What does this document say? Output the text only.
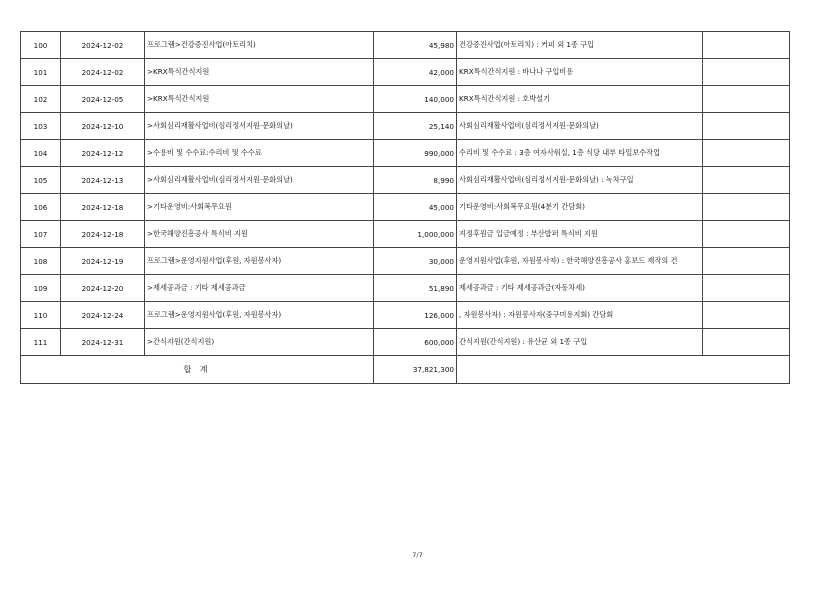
100	2024-12-02	프로그램>건강증진사업(아토리치)	45,980	건강증진사업(아토리치) : 커피 외 1종 구입	
101	2024-12-02	>KRX특식간식지원	42,000	KRX특식간식지원 : 바나나 구입비용	
102	2024-12-05	>KRX특식간식지원	140,000	KRX특식간식지원 : 호박설기	
103	2024-12-10	>사회심리재활사업비(심리정서지원·문화의날)	25,140	사회심리재활사업비(심리정서지원·문화의날)	
104	2024-12-12	>수용비 및 수수료:수리비 및 수수료	990,000	수리비 및 수수료 : 3층 여자사워실, 1층 식당 내부 타일보수작업	
105	2024-12-13	>사회심리재활사업비(심리정서지원·문화의날)	8,990	사회심리재활사업비(심리정서지원·문화의날) : 녹차구입	
106	2024-12-18	>기타운영비:사회복무요원	45,000	기타운영비:사회복무요원(4분기 간담회)	
107	2024-12-18	>한국해양진흥공사 특식비 지원	1,000,000	지정후원금 입금예정 : 부산밥퍼 특식비 지원	
108	2024-12-19	프로그램>운영지원사업(후원, 자원봉사자)	30,000	운영지원사업(후원, 자원봉사자) : 한국해양진흥공사 홍보드 제작의 건	
109	2024-12-20	>제세공과금 : 기타 제세공과금	51,890	제세공과금 : 기타 제세공과금(자동차세)	
110	2024-12-24	프로그램>운영지원사업(후원, 자원봉사자)	126,000	, 자원봉사자) : 자원봉사자(중구미용지회) 간담회	
111	2024-12-31	>간식지원(간식지원)	600,000	간식지원(간식지원) : 유산균 외 1종 구입	
합 계			37,821,300		
7/7
